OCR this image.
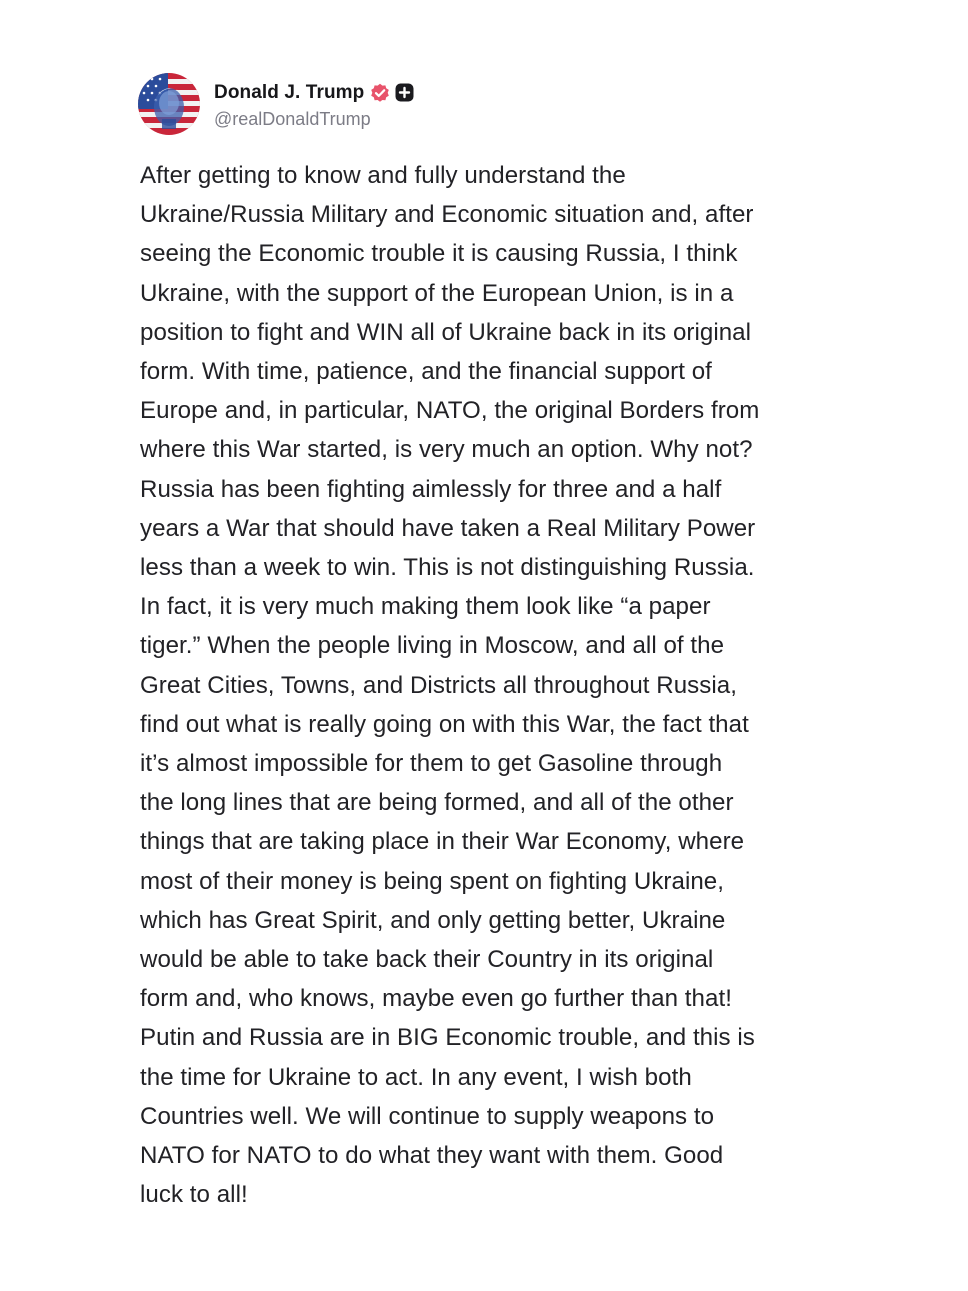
Donald J. Trump
@realDonaldTrump
After getting to know and fully understand the
Ukraine/Russia Military and Economic situation and, after
seeing the Economic trouble it is causing Russia, I think
Ukraine, with the support of the European Union, is in a
position to fight and WIN all of Ukraine back in its original
form. With time, patience, and the financial support of
Europe and, in particular, NATO, the original Borders from
where this War started, is very much an option. Why not?
Russia has been fighting aimlessly for three and a half
years a War that should have taken a Real Military Power
less than a week to win. This is not distinguishing Russia.
In fact, it is very much making them look like “a paper
tiger.” When the people living in Moscow, and all of the
Great Cities, Towns, and Districts all throughout Russia,
find out what is really going on with this War, the fact that
it’s almost impossible for them to get Gasoline through
the long lines that are being formed, and all of the other
things that are taking place in their War Economy, where
most of their money is being spent on fighting Ukraine,
which has Great Spirit, and only getting better, Ukraine
would be able to take back their Country in its original
form and, who knows, maybe even go further than that!
Putin and Russia are in BIG Economic trouble, and this is
the time for Ukraine to act. In any event, I wish both
Countries well. We will continue to supply weapons to
NATO for NATO to do what they want with them. Good
luck to all!
